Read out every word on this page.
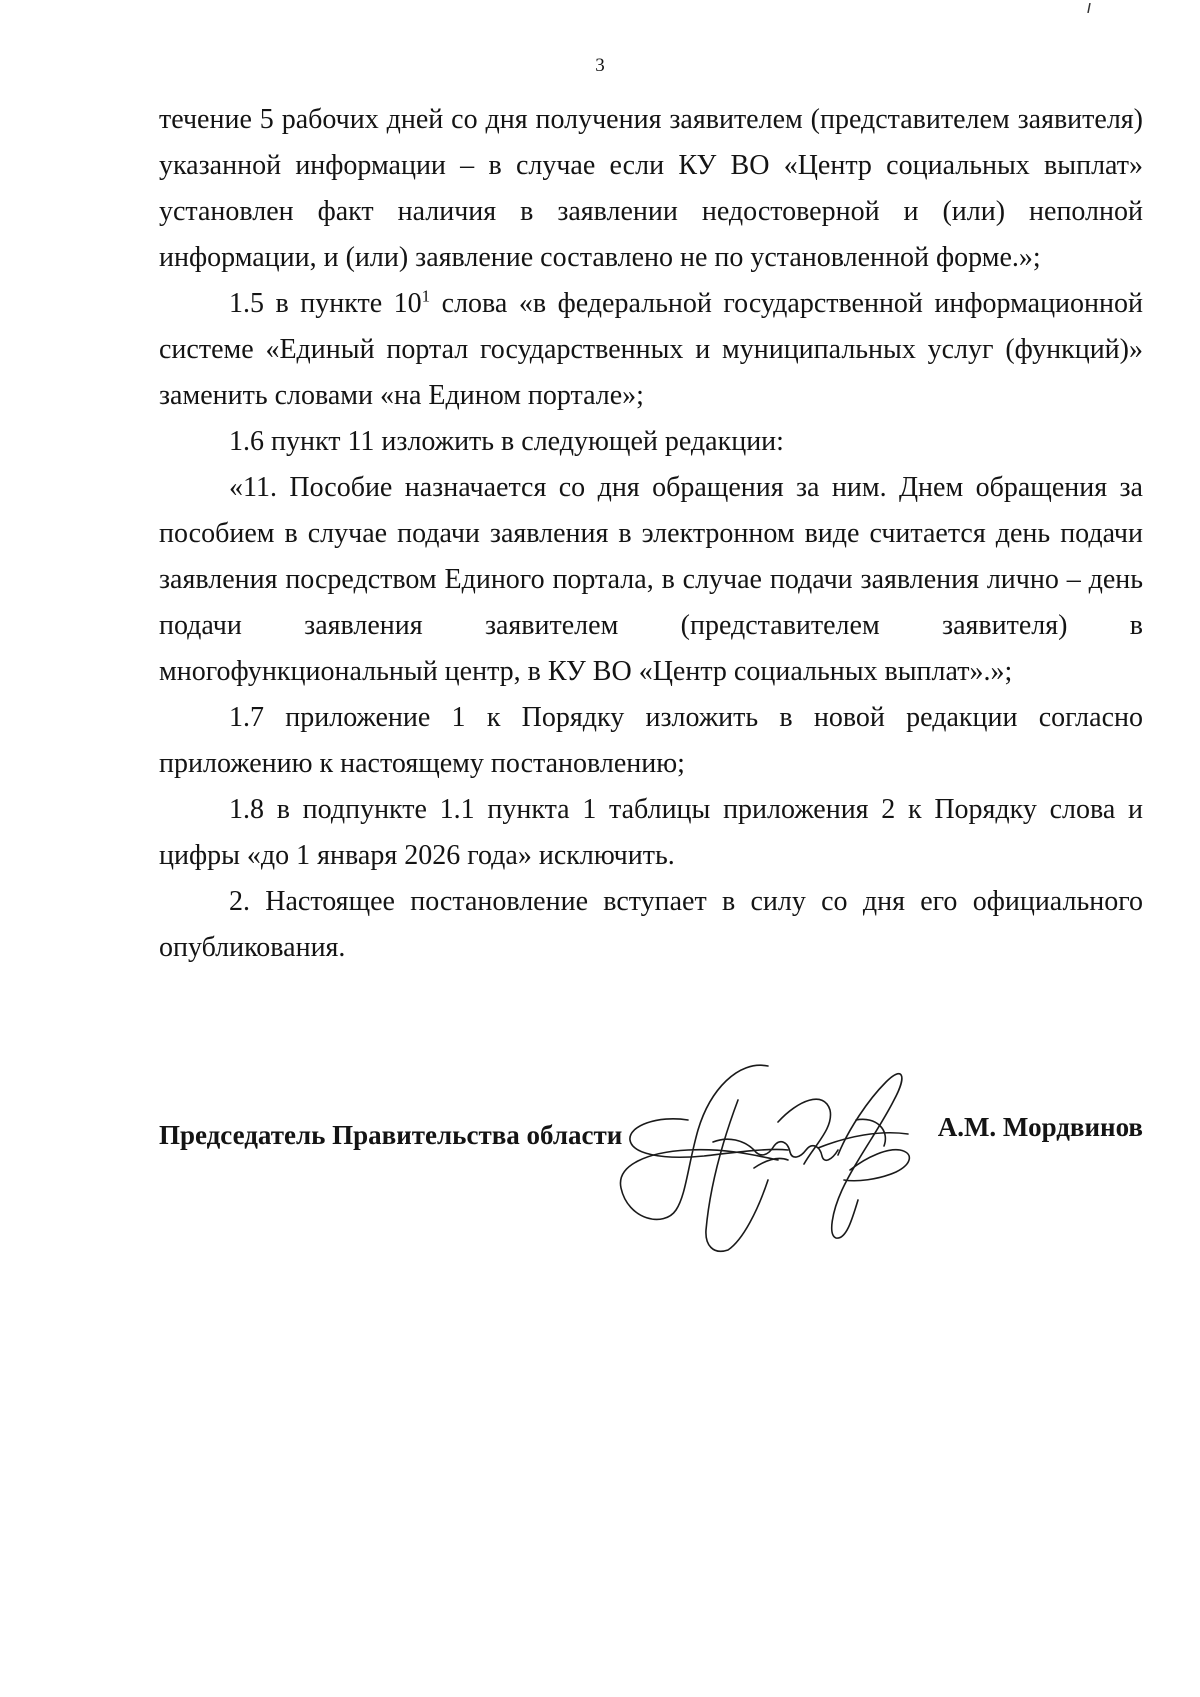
3

течение 5 рабочих дней со дня получения заявителем (представителем заявителя) указанной информации – в случае если КУ ВО «Центр социальных выплат» установлен факт наличия в заявлении недостоверной и (или) неполной информации, и (или) заявление составлено не по установленной форме.»;

1.5 в пункте $10^1$ слова «в федеральной государственной информационной системе «Единый портал государственных и муниципальных услуг (функций)» заменить словами «на Едином портале»;

1.6 пункт 11 изложить в следующей редакции:

«11. Пособие назначается со дня обращения за ним. Днем обращения за пособием в случае подачи заявления в электронном виде считается день подачи заявления посредством Единого портала, в случае подачи заявления лично – день подачи заявления заявителем (представителем заявителя) в многофункциональный центр, в КУ ВО «Центр социальных выплат».»;

1.7 приложение 1 к Порядку изложить в новой редакции согласно приложению к настоящему постановлению;

1.8 в подпункте 1.1 пункта 1 таблицы приложения 2 к Порядку слова и цифры «до 1 января 2026 года» исключить.

2. Настоящее постановление вступает в силу со дня его официального опубликования.

Председатель Правительства области	А.М. Мордвинов
